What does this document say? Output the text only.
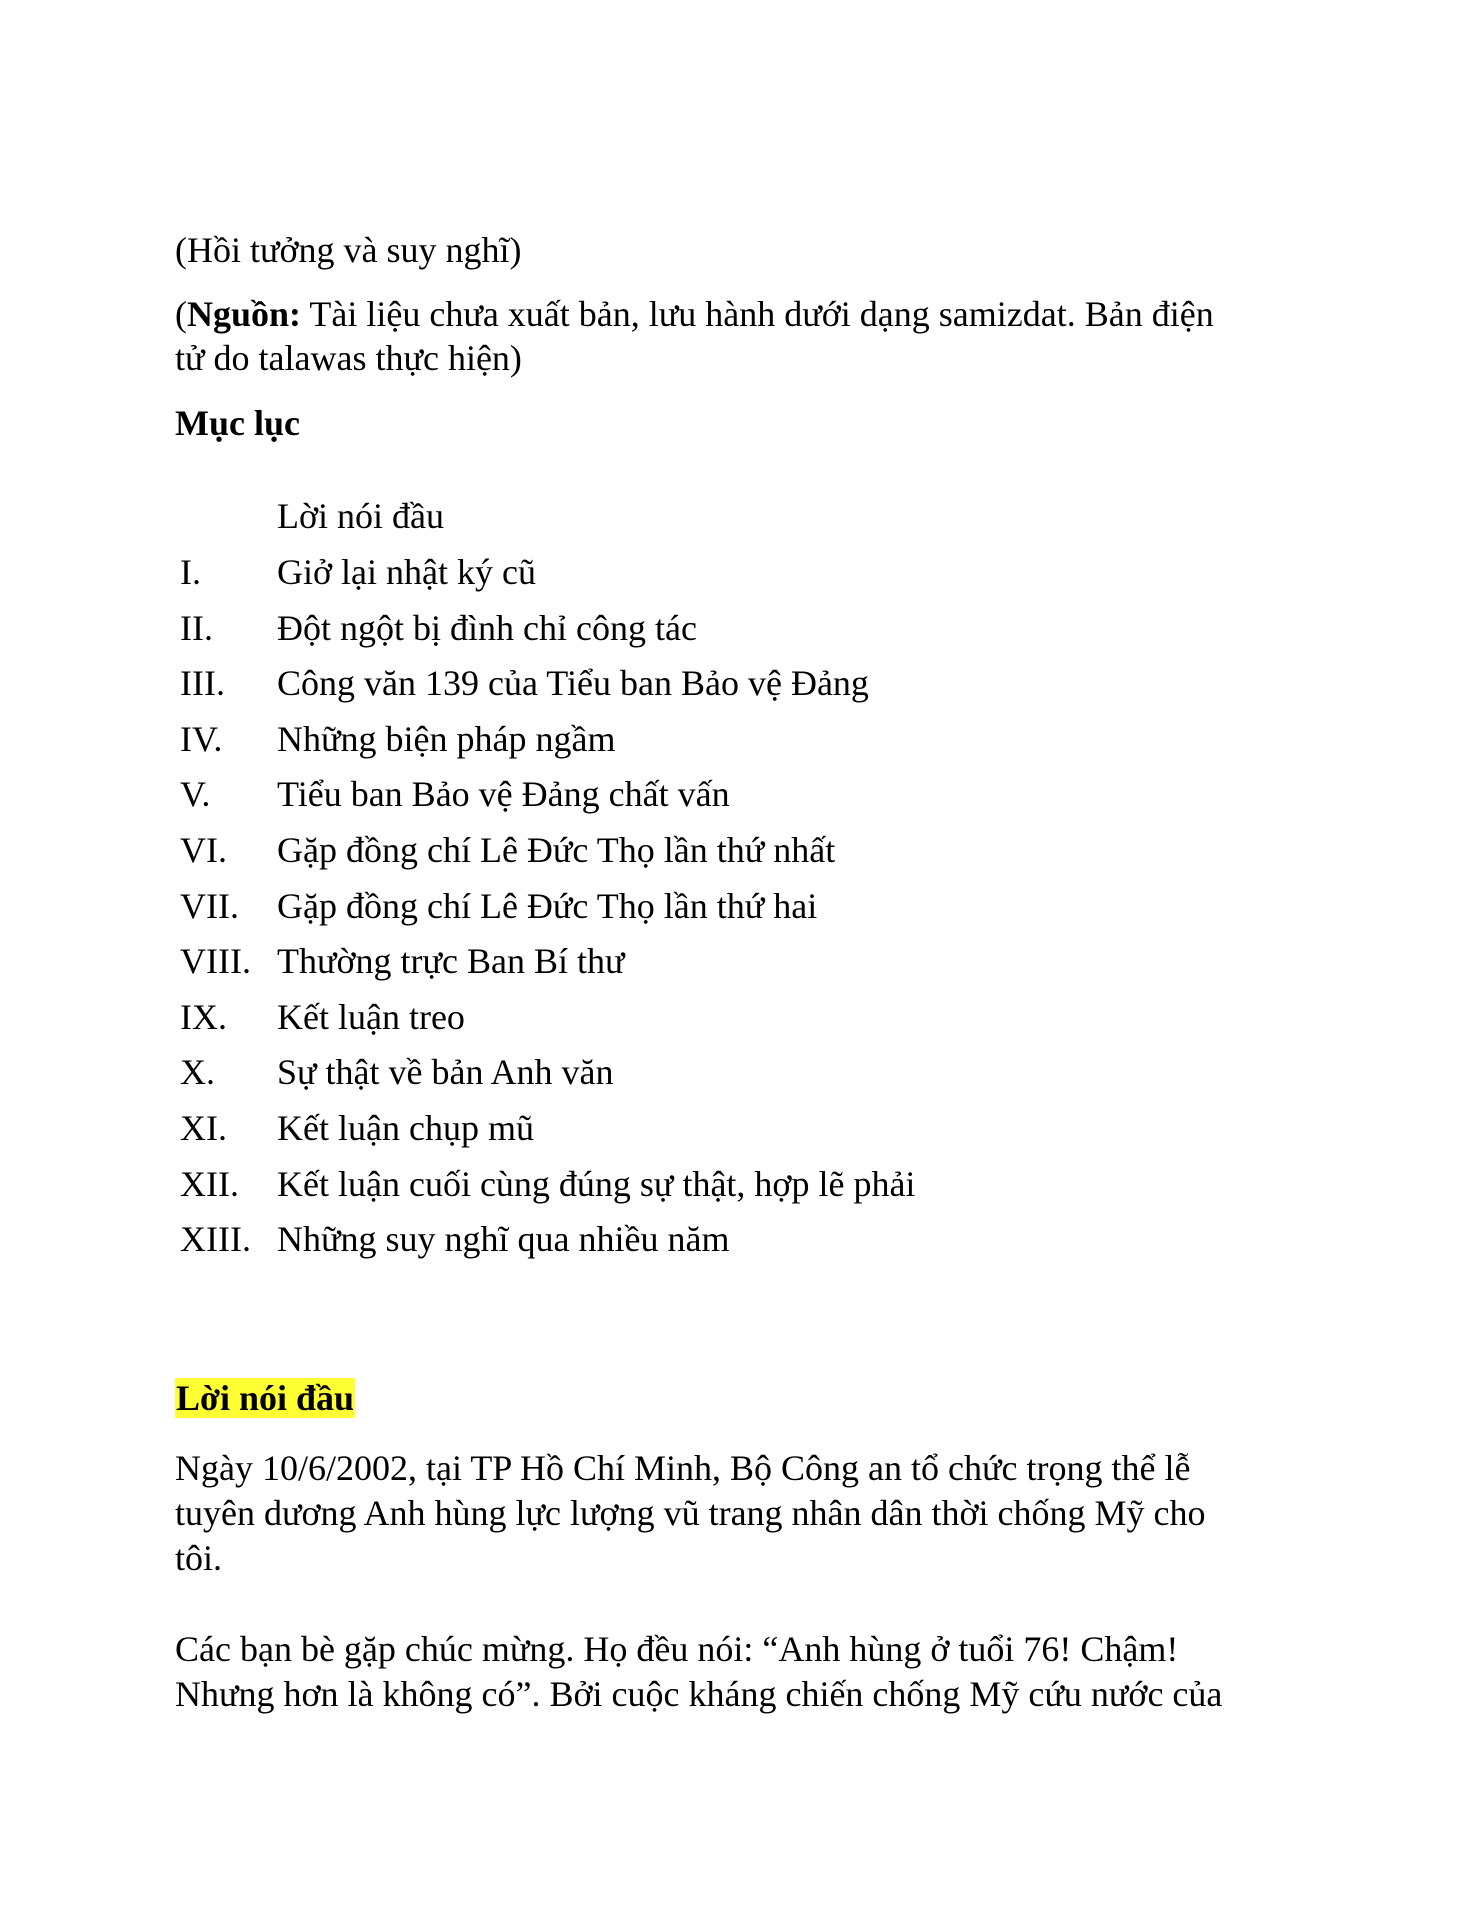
(Hồi tưởng và suy nghĩ)
(Nguồn: Tài liệu chưa xuất bản, lưu hành dưới dạng samizdat. Bản điện
tử do talawas thực hiện)
Mục lục
Lời nói đầu
I. Giở lại nhật ký cũ
II. Đột ngột bị đình chỉ công tác
III. Công văn 139 của Tiểu ban Bảo vệ Đảng
IV. Những biện pháp ngầm
V. Tiểu ban Bảo vệ Đảng chất vấn
VI. Gặp đồng chí Lê Đức Thọ lần thứ nhất
VII. Gặp đồng chí Lê Đức Thọ lần thứ hai
VIII. Thường trực Ban Bí thư
IX. Kết luận treo
X. Sự thật về bản Anh văn
XI. Kết luận chụp mũ
XII. Kết luận cuối cùng đúng sự thật, hợp lẽ phải
XIII. Những suy nghĩ qua nhiều năm
Lời nói đầu
Ngày 10/6/2002, tại TP Hồ Chí Minh, Bộ Công an tổ chức trọng thể lễ
tuyên dương Anh hùng lực lượng vũ trang nhân dân thời chống Mỹ cho
tôi.
Các bạn bè gặp chúc mừng. Họ đều nói: “Anh hùng ở tuổi 76! Chậm!
Nhưng hơn là không có”. Bởi cuộc kháng chiến chống Mỹ cứu nước của
